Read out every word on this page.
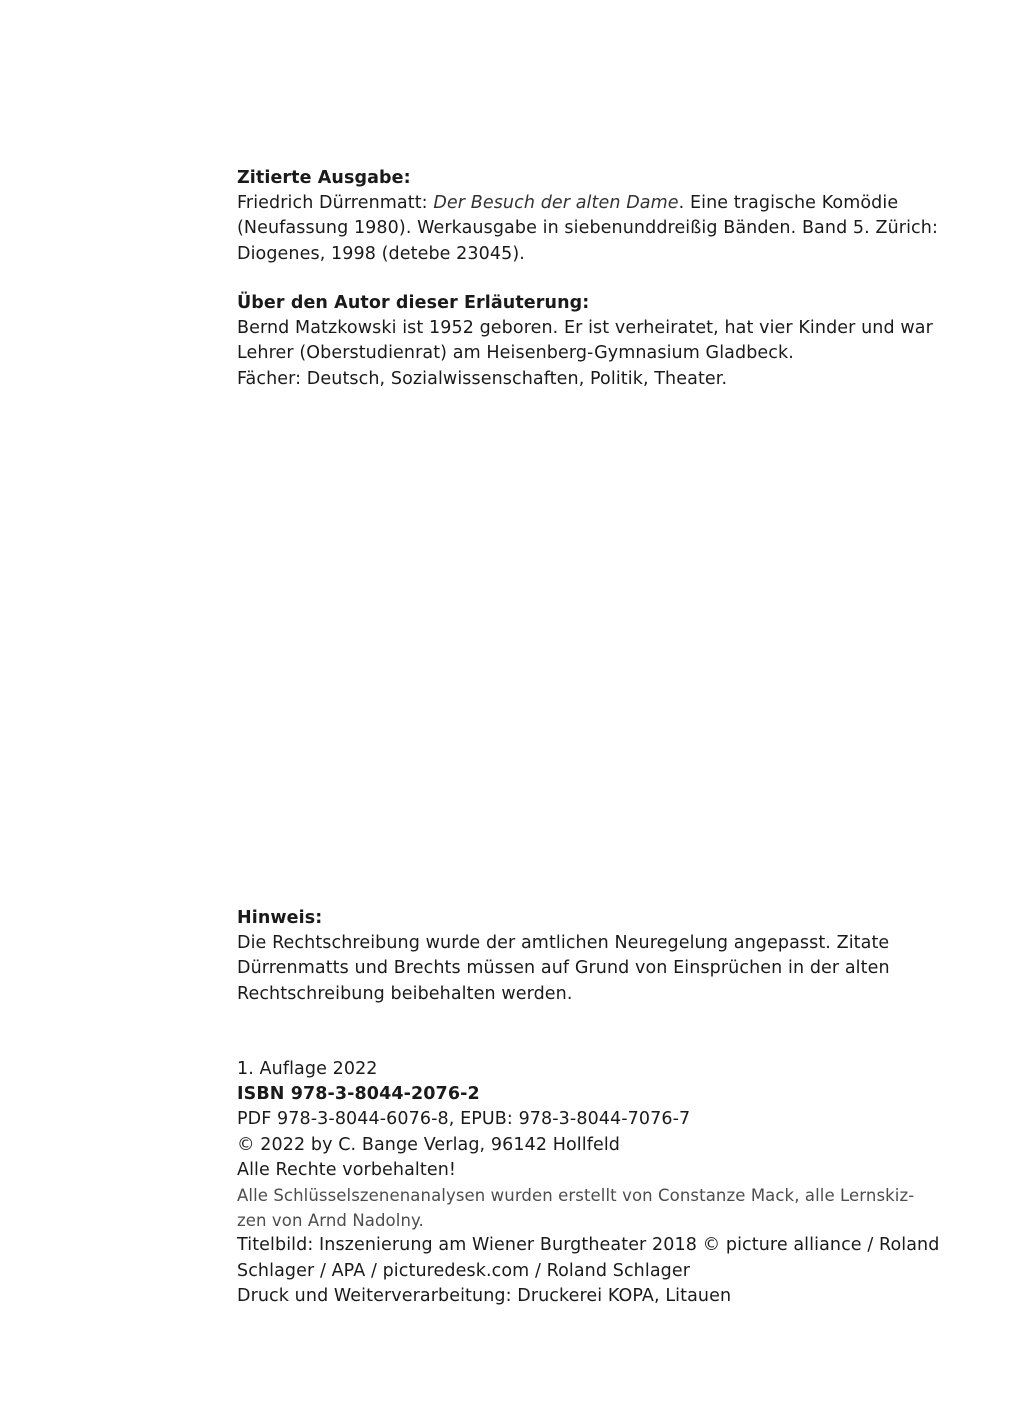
Zitierte Ausgabe:

Friedrich Dürrenmatt: Der Besuch der alten Dame. Eine tragische Komödie

(Neufassung 1980). Werkausgabe in siebenunddreißig Bänden. Band 5. Zürich:

Diogenes, 1998 (detebe 23045).

Über den Autor dieser Erläuterung:

Bernd Matzkowski ist 1952 geboren. Er ist verheiratet, hat vier Kinder und war

Lehrer (Oberstudienrat) am Heisenberg-Gymnasium Gladbeck.

Fächer: Deutsch, Sozialwissenschaften, Politik, Theater.

Hinweis:

Die Rechtschreibung wurde der amtlichen Neuregelung angepasst. Zitate

Dürrenmatts und Brechts müssen auf Grund von Einsprüchen in der alten

Rechtschreibung beibehalten werden.

1. Auflage 2022

ISBN 978-3-8044-2076-2

PDF 978-3-8044-6076-8, EPUB: 978-3-8044-7076-7

© 2022 by C. Bange Verlag, 96142 Hollfeld

Alle Rechte vorbehalten!

Alle Schlüsselszenenanalysen wurden erstellt von Constanze Mack, alle Lernskiz-

zen von Arnd Nadolny.

Titelbild: Inszenierung am Wiener Burgtheater 2018 © picture alliance / Roland

Schlager / APA / picturedesk.com / Roland Schlager

Druck und Weiterverarbeitung: Druckerei KOPA, Litauen
